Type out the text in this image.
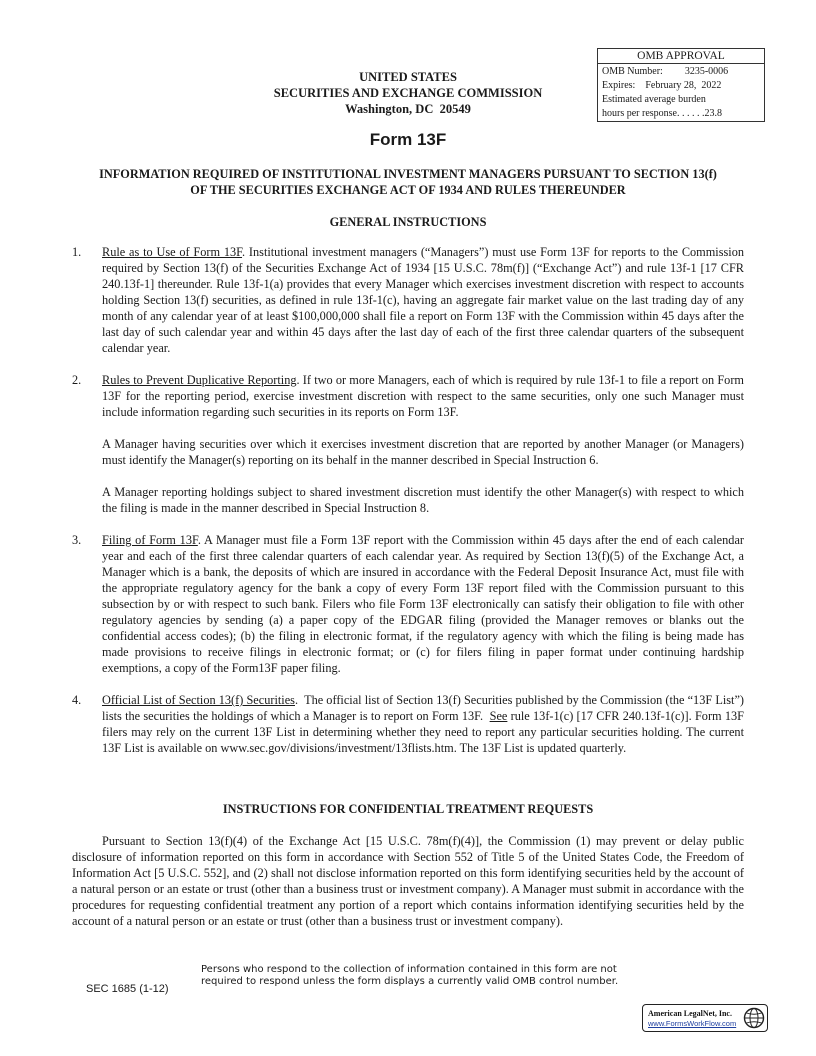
OMB APPROVAL
OMB Number: 3235-0006
Expires:    February 28,  2022
Estimated average burden
hours per response. . . . . .23.8
UNITED STATES
SECURITIES AND EXCHANGE COMMISSION
Washington, DC  20549
Form 13F
INFORMATION REQUIRED OF INSTITUTIONAL INVESTMENT MANAGERS PURSUANT TO SECTION 13(f)
OF THE SECURITIES EXCHANGE ACT OF 1934 AND RULES THEREUNDER
GENERAL INSTRUCTIONS
1. Rule as to Use of Form 13F. Institutional investment managers (“Managers”) must use Form 13F for reports to the Commission required by Section 13(f) of the Securities Exchange Act of 1934 [15 U.S.C. 78m(f)] (“Exchange Act”) and rule 13f-1 [17 CFR 240.13f-1] thereunder. Rule 13f-1(a) provides that every Manager which exercises investment discretion with respect to accounts holding Section 13(f) securities, as defined in rule 13f-1(c), having an aggregate fair market value on the last trading day of any month of any calendar year of at least $100,000,000 shall file a report on Form 13F with the Commission within 45 days after the last day of such calendar year and within 45 days after the last day of each of the first three calendar quarters of the subsequent calendar year.
2. Rules to Prevent Duplicative Reporting. If two or more Managers, each of which is required by rule 13f-1 to file a report on Form 13F for the reporting period, exercise investment discretion with respect to the same securities, only one such Manager must include information regarding such securities in its reports on Form 13F.
A Manager having securities over which it exercises investment discretion that are reported by another Manager (or Managers) must identify the Manager(s) reporting on its behalf in the manner described in Special Instruction 6.
A Manager reporting holdings subject to shared investment discretion must identify the other Manager(s) with respect to which the filing is made in the manner described in Special Instruction 8.
3. Filing of Form 13F. A Manager must file a Form 13F report with the Commission within 45 days after the end of each calendar year and each of the first three calendar quarters of each calendar year. As required by Section 13(f)(5) of the Exchange Act, a Manager which is a bank, the deposits of which are insured in accordance with the Federal Deposit Insurance Act, must file with the appropriate regulatory agency for the bank a copy of every Form 13F report filed with the Commission pursuant to this subsection by or with respect to such bank. Filers who file Form 13F electronically can satisfy their obligation to file with other regulatory agencies by sending (a) a paper copy of the EDGAR filing (provided the Manager removes or blanks out the confidential access codes); (b) the filing in electronic format, if the regulatory agency with which the filing is being made has made provisions to receive filings in electronic format; or (c) for filers filing in paper format under continuing hardship exemptions, a copy of the Form13F paper filing.
4. Official List of Section 13(f) Securities.  The official list of Section 13(f) Securities published by the Commission (the “13F List”) lists the securities the holdings of which a Manager is to report on Form 13F.  See rule 13f-1(c) [17 CFR 240.13f-1(c)]. Form 13F filers may rely on the current 13F List in determining whether they need to report any particular securities holding. The current 13F List is available on www.sec.gov/divisions/investment/13flists.htm. The 13F List is updated quarterly.
INSTRUCTIONS FOR CONFIDENTIAL TREATMENT REQUESTS
Pursuant to Section 13(f)(4) of the Exchange Act [15 U.S.C. 78m(f)(4)], the Commission (1) may prevent or delay public disclosure of information reported on this form in accordance with Section 552 of Title 5 of the United States Code, the Freedom of Information Act [5 U.S.C. 552], and (2) shall not disclose information reported on this form identifying securities held by the account of a natural person or an estate or trust (other than a business trust or investment company). A Manager must submit in accordance with the procedures for requesting confidential treatment any portion of a report which contains information identifying securities held by the account of a natural person or an estate or trust (other than a business trust or investment company).
SEC 1685 (1-12)
Persons who respond to the collection of information contained in this form are not required to respond unless the form displays a currently valid OMB control number.
American LegalNet, Inc.
www.FormsWorkFlow.com
